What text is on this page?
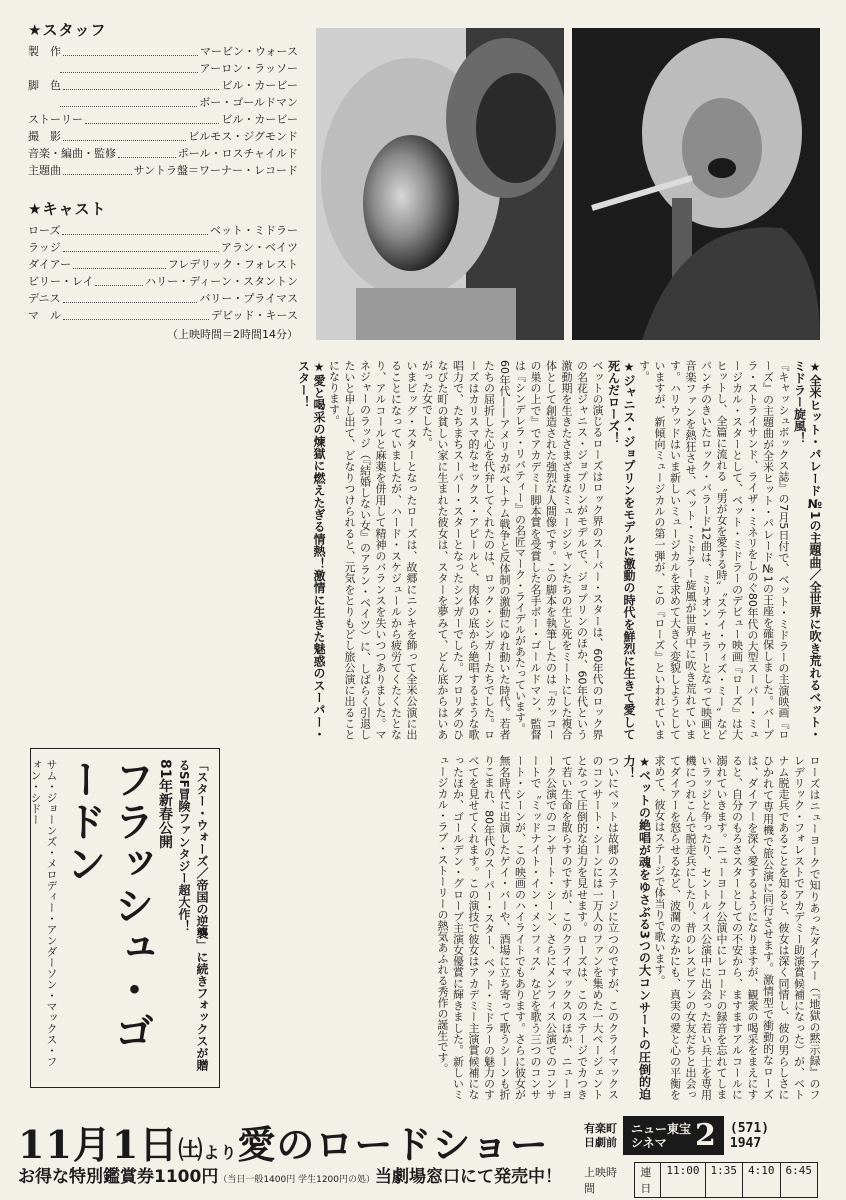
★スタッフ
製　作	マービン・ウォース
アーロン・ラッソー
脚　色	ビル・カービー
ボー・ゴールドマン
ストーリー	ビル・カービー
撮　影	ビルモス・ジグモンド
音楽・編曲・監修	ポール・ロスチャイルド
主題曲	サントラ盤＝ワーナー・レコード
★キャスト
ローズ	ベット・ミドラー
ラッジ	アラン・ベイツ
ダイアー	フレデリック・フォレスト
ビリー・レイ	ハリー・ディーン・スタントン
デニス	バリー・プライマス
マ　ル	デビッド・キース
（上映時間＝2時間14分）

★全米ヒット・パレード№1の主題曲／全世界に吹き荒れるベット・ミドラー旋風！

『キャッシュボックス誌』の7月5日付で、ベット・ミドラーの主演映画『ローズ』の主題曲が全米ヒット・パレード№1の王座を確保しました。バーブラ・ストライサンド、ライザ・ミネリをしのぐ80年代の大型スーパー・ミュージカル・スターとして、ベット・ミドラーのデビュー映画『ローズ』は大ヒットし、全篇に流れる〝男が女を愛する時〟〝ステイ・ウィズ・ミー〟などパンチのきいたロック・バラード12曲は、ミリオン・セラーとなって映画と音楽ファンを熱狂させ、ベット・ミドラー旋風が世界中に吹き荒れています。ハリウッドはいま新しいミュージカルを求めて大きく変貌しようとしていますが、新傾向ミュージカルの第一弾が、この『ローズ』といわれています。

★ジャニス・ジョプリンをモデルに激動の時代を鮮烈に生きて愛して死んだローズ！

ベットの演じるローズはロック界のスーパー・スターは、60年代のロック界の名花ジャニス・ジョプリンがモデルで、ジョプリンのほか、60年代という激動期を生きたさまざまなミュージシャンたちの生と死をミートにした複合体として創造された強烈な人間像です。この脚本を執筆したのは『カッコーの巣の上で』でアカデミー脚本賞を受賞した名手ボー・ゴールドマン、監督は『シンデレラ・リバティー』の名匠マーク・ライデルがあたっています。

60年代——アメリカがベトナム戦争と反体制の激動にゆれ動いた時代。若者たちの屈折した心を代弁してくれたのは、ロック・シンガーたちでした。ローズはカリスマ的なセックス・アピールと、肉体の底から絶唱するような歌唱力で、たちまちスーパー・スターとなったシンガーでした。フロリダのひなびた町の貧しい家に生まれた彼女は、スターを夢みて、どん底からはいあがった女でした。

いまビッグ・スターとなったローズは、故郷にニシキを飾って全米公演に出ることになっていましたが、ハード・スケジュールから疲労てくたくたとなり、アルコールと麻薬を併用して精神のバランスを失いつつありました。マネジャーのラッジ（『結婚しない女』のアラン・ベイツ）に、しばらく引退したいと申し出て、どなりつけられると、元気をとりもどし旅公演に出ることになります。

★愛と喝采の煉獄に燃えたぎる情熱！激情に生きた魅惑のスーパー・スター！

ローズはニューヨークで知りあったダイアー（『地獄の黙示録』のフレデリック・フォレストでアカデミー助演賞候補になった）が、ベトナム脱走兵であることを知ると、彼女は深く同情し、彼の男らしさにひかれて専用機で旅公演に同行させます。激情型で衝動的なローズは、ダイアーを深く愛するようになりますが、観衆の喝采をまえにすると、自分のもろさスターとしての不安から、ますますアルコールに溺れていきます。ニューヨーク公演中にレコードの録音を忘れてしまいラッジと争ったり、セントルイス公演中に出会った若い兵士を専用機につれこんで脱走兵にしたり、昔のレスビアンの女友だちと出会ってダイアーを怒らせるなど、波瀾のなかにも、真実の愛と心の平衡を求めて、彼女はステージで体当りで歌います。

★ベットの絶唱が魂をゆさぶる3つの大コンサートの圧倒的迫力！

ついにベットは故郷のステージに立つのですが、このクライマックスのコンサート・シーンには一万人のファンを集めた一大ページェントとなって圧倒的な迫力を見せます。ローズは、このステージでカつきて若い生命を散らすのですが、このクライマックスのほか、ニューヨーク公演でのコンサート・シーン、さらにメンフィス公演でのコンサートで〝ミッドナイト・イン・メンフィス〟などを歌う三つのコンサート・シーンが、この映画のハイライトでもあります。さらに彼女が無名時代に出演したゲイ・バーや、酒場に立ち寄って歌うシーンも折りこまれ、80年代のスーパー・スター、ベット・ミドラーの魅力のすべてを見せてくれます。この演技で彼女はアカデミー主演賞候補になったほか、ゴールデン・グローブ主演女優賞に輝きました。新しいミュージカル・ラブ・ストーリーの熱気あふれる秀作の誕生です。

「スター・ウォーズ／帝国の逆襲」に続きフォックスが贈るSF冒険ファンタジー超大作！
81年新春公開
フラッシュ・ゴードン
サム・ジョーンズ・メロディー・アンダーソン・マックス・フォン・シドー
11月1日㈯より愛のロードショー
お得な特別鑑賞券1100円（当日一般1400円 学生1200円の処）当劇場窓口にて発売中！
有楽町
日劇前
ニュー東宝
シネマ 2 (571)
1947
上映時間
連日
11:00	1:35	4:10	6:45
